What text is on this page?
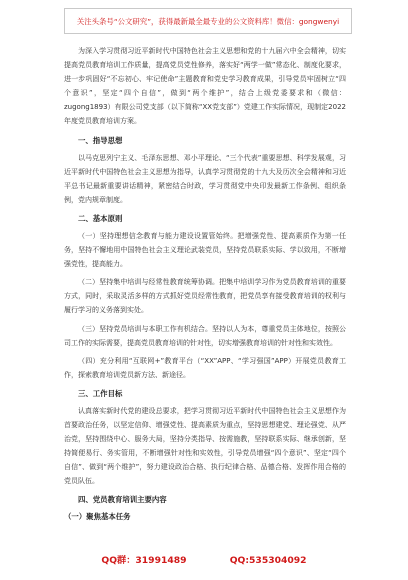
关注头条号“公文研究”，获得最新最全最专业的公文资料库！微信：gongwenyi

为深入学习贯彻习近平新时代中国特色社会主义思想和党的十九届六中全会精神，切实提高党员教育培训工作质量，提高党员党性修养，落实好“两学一做”常态化、制度化要求，进一步巩固好“不忘初心、牢记使命”主题教育和党史学习教育成果，引导党员牢固树立“四个意识”，坚定“四个自信”，做到“两个维护”，结合上级党委要求和（微信：zugong1893）有限公司党支部（以下简称“XX党支部”）党建工作实际情况，现制定2022年度党员教育培训方案。

一、指导思想

以马克思列宁主义、毛泽东思想、邓小平理论、“三个代表”重要思想、科学发展观，习近平新时代中国特色社会主义思想为指导，认真学习贯彻党的十九大及历次全会精神和习近平总书记最新重要讲话精神，紧密结合时政，学习贯彻党中央印发最新工作条例、组织条例，党内规章制度。

二、基本原则

（一）坚持理想信念教育与能力建设设置管始终。把增强党性、提高素质作为第一任务，坚持不懈地用中国特色社会主义理论武装党员，坚持党员联系实际、学以致用，不断增强党性，提高能力。

（二）坚持集中培训与经常性教育统筹协调。把集中培训学习作为党员教育培训的重要方式，同时，采取灵活多样的方式抓好党员经常性教育，把党员享有接受教育培训的权利与履行学习的义务落到实处。

（三）坚持党员培训与本职工作有机结合。坚持以人为本，尊重党员主体地位，按照公司工作的实际需要，提高党员教育培训的针对性，切实增强教育培训的针对性和实效性。

（四）充分利用“互联网+”教育平台（“XX”APP、“学习强国”APP）开展党员教育工作，探索教育培训党员新方法、新途径。

三、工作目标

认真落实新时代党的建设总要求，把学习贯彻习近平新时代中国特色社会主义思想作为首要政治任务，以坚定信仰、增强党性、提高素质为重点，坚持思想建党、理论强党、从严治党，坚持围绕中心、服务大局，坚持分类指导、按需施教，坚持联系实际、继承创新，坚持简便易行、务实管用，不断增强针对性和实效性，引导党员增强“四个意识”、坚定“四个自信”、做到“两个维护”，努力建设政治合格、执行纪律合格、品德合格、发挥作用合格的党员队伍。

四、党员教育培训主要内容
（一）聚焦基本任务
QQ群：31991489	QQ:535304092
